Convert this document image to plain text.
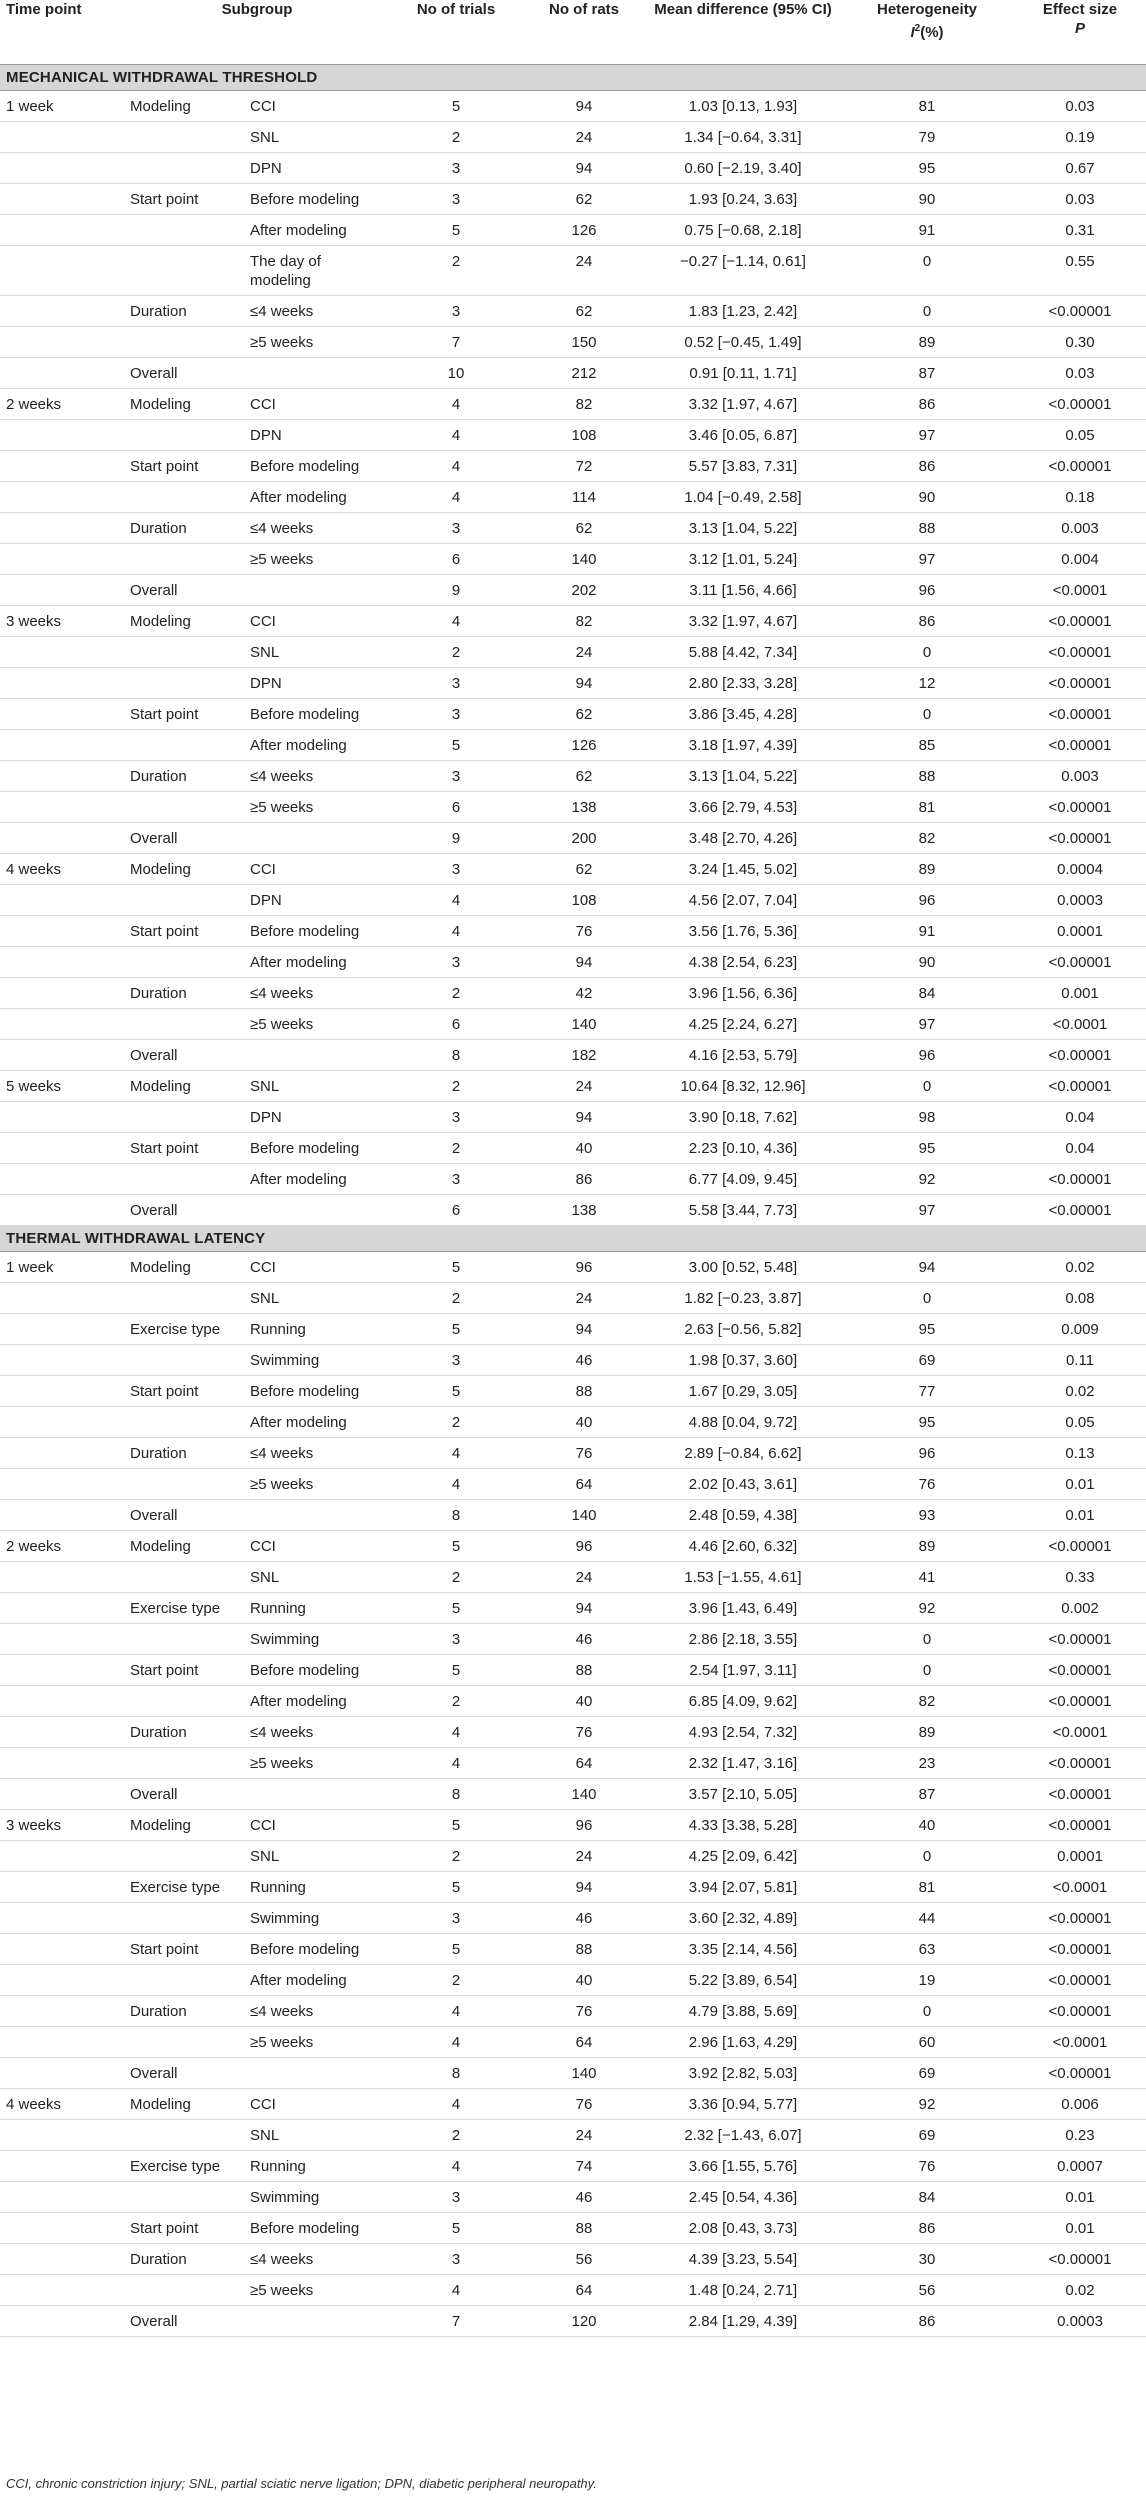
Time point	Subgroup		No of trials	No of rats	Mean difference (95% CI)	Heterogeneity
$I^2(\%)$	Effect size
P
MECHANICAL WITHDRAWAL THRESHOLD							
1 week	Modeling	CCI	5	94	1.03 [0.13, 1.93]	81	0.03
		SNL	2	24	1.34 [−0.64, 3.31]	79	0.19
		DPN	3	94	0.60 [−2.19, 3.40]	95	0.67
	Start point	Before modeling	3	62	1.93 [0.24, 3.63]	90	0.03
		After modeling	5	126	0.75 [−0.68, 2.18]	91	0.31
		The day of modeling	2	24	−0.27 [−1.14, 0.61]	0	0.55
	Duration	≤4 weeks	3	62	1.83 [1.23, 2.42]	0	<0.00001
		≥5 weeks	7	150	0.52 [−0.45, 1.49]	89	0.30
	Overall		10	212	0.91 [0.11, 1.71]	87	0.03
2 weeks	Modeling	CCI	4	82	3.32 [1.97, 4.67]	86	<0.00001
		DPN	4	108	3.46 [0.05, 6.87]	97	0.05
	Start point	Before modeling	4	72	5.57 [3.83, 7.31]	86	<0.00001
		After modeling	4	114	1.04 [−0.49, 2.58]	90	0.18
	Duration	≤4 weeks	3	62	3.13 [1.04, 5.22]	88	0.003
		≥5 weeks	6	140	3.12 [1.01, 5.24]	97	0.004
	Overall		9	202	3.11 [1.56, 4.66]	96	<0.0001
3 weeks	Modeling	CCI	4	82	3.32 [1.97, 4.67]	86	<0.00001
		SNL	2	24	5.88 [4.42, 7.34]	0	<0.00001
		DPN	3	94	2.80 [2.33, 3.28]	12	<0.00001
	Start point	Before modeling	3	62	3.86 [3.45, 4.28]	0	<0.00001
		After modeling	5	126	3.18 [1.97, 4.39]	85	<0.00001
	Duration	≤4 weeks	3	62	3.13 [1.04, 5.22]	88	0.003
		≥5 weeks	6	138	3.66 [2.79, 4.53]	81	<0.00001
	Overall		9	200	3.48 [2.70, 4.26]	82	<0.00001
4 weeks	Modeling	CCI	3	62	3.24 [1.45, 5.02]	89	0.0004
		DPN	4	108	4.56 [2.07, 7.04]	96	0.0003
	Start point	Before modeling	4	76	3.56 [1.76, 5.36]	91	0.0001
		After modeling	3	94	4.38 [2.54, 6.23]	90	<0.00001
	Duration	≤4 weeks	2	42	3.96 [1.56, 6.36]	84	0.001
		≥5 weeks	6	140	4.25 [2.24, 6.27]	97	<0.0001
	Overall		8	182	4.16 [2.53, 5.79]	96	<0.00001
5 weeks	Modeling	SNL	2	24	10.64 [8.32, 12.96]	0	<0.00001
		DPN	3	94	3.90 [0.18, 7.62]	98	0.04
	Start point	Before modeling	2	40	2.23 [0.10, 4.36]	95	0.04
		After modeling	3	86	6.77 [4.09, 9.45]	92	<0.00001
	Overall		6	138	5.58 [3.44, 7.73]	97	<0.00001
THERMAL WITHDRAWAL LATENCY							
1 week	Modeling	CCI	5	96	3.00 [0.52, 5.48]	94	0.02
		SNL	2	24	1.82 [−0.23, 3.87]	0	0.08
	Exercise type	Running	5	94	2.63 [−0.56, 5.82]	95	0.009
		Swimming	3	46	1.98 [0.37, 3.60]	69	0.11
	Start point	Before modeling	5	88	1.67 [0.29, 3.05]	77	0.02
		After modeling	2	40	4.88 [0.04, 9.72]	95	0.05
	Duration	≤4 weeks	4	76	2.89 [−0.84, 6.62]	96	0.13
		≥5 weeks	4	64	2.02 [0.43, 3.61]	76	0.01
	Overall		8	140	2.48 [0.59, 4.38]	93	0.01
2 weeks	Modeling	CCI	5	96	4.46 [2.60, 6.32]	89	<0.00001
		SNL	2	24	1.53 [−1.55, 4.61]	41	0.33
	Exercise type	Running	5	94	3.96 [1.43, 6.49]	92	0.002
		Swimming	3	46	2.86 [2.18, 3.55]	0	<0.00001
	Start point	Before modeling	5	88	2.54 [1.97, 3.11]	0	<0.00001
		After modeling	2	40	6.85 [4.09, 9.62]	82	<0.00001
	Duration	≤4 weeks	4	76	4.93 [2.54, 7.32]	89	<0.0001
		≥5 weeks	4	64	2.32 [1.47, 3.16]	23	<0.00001
	Overall		8	140	3.57 [2.10, 5.05]	87	<0.00001
3 weeks	Modeling	CCI	5	96	4.33 [3.38, 5.28]	40	<0.00001
		SNL	2	24	4.25 [2.09, 6.42]	0	0.0001
	Exercise type	Running	5	94	3.94 [2.07, 5.81]	81	<0.0001
		Swimming	3	46	3.60 [2.32, 4.89]	44	<0.00001
	Start point	Before modeling	5	88	3.35 [2.14, 4.56]	63	<0.00001
		After modeling	2	40	5.22 [3.89, 6.54]	19	<0.00001
	Duration	≤4 weeks	4	76	4.79 [3.88, 5.69]	0	<0.00001
		≥5 weeks	4	64	2.96 [1.63, 4.29]	60	<0.0001
	Overall		8	140	3.92 [2.82, 5.03]	69	<0.00001
4 weeks	Modeling	CCI	4	76	3.36 [0.94, 5.77]	92	0.006
		SNL	2	24	2.32 [−1.43, 6.07]	69	0.23
	Exercise type	Running	4	74	3.66 [1.55, 5.76]	76	0.0007
		Swimming	3	46	2.45 [0.54, 4.36]	84	0.01
	Start point	Before modeling	5	88	2.08 [0.43, 3.73]	86	0.01
	Duration	≤4 weeks	3	56	4.39 [3.23, 5.54]	30	<0.00001
		≥5 weeks	4	64	1.48 [0.24, 2.71]	56	0.02
	Overall		7	120	2.84 [1.29, 4.39]	86	0.0003
CCI, chronic constriction injury; SNL, partial sciatic nerve ligation; DPN, diabetic peripheral neuropathy.
